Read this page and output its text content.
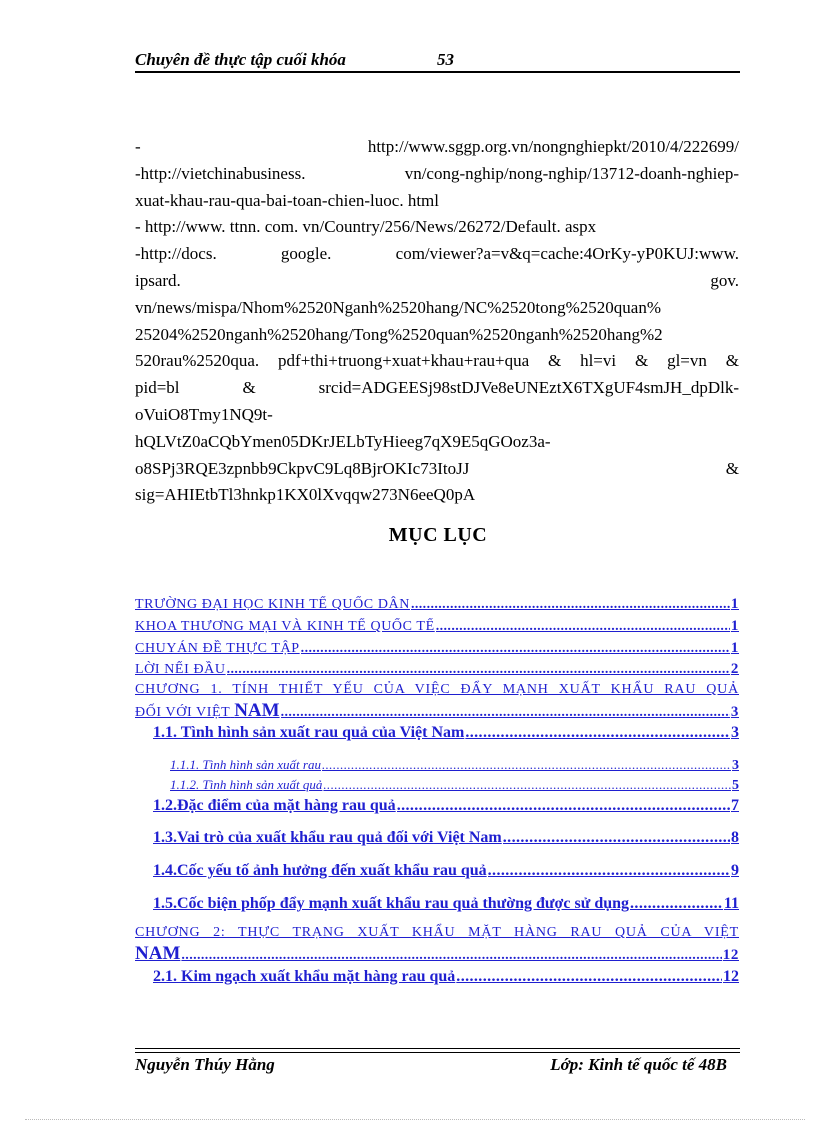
Chuyên đề thực tập cuối khóa	53
- http://www.sggp.org.vn/nongnghiepkt/2010/4/222699/
-http://vietchinabusiness. vn/cong-nghip/nong-nghip/13712-doanh-nghiep-
xuat-khau-rau-qua-bai-toan-chien-luoc. html
- http://www. ttnn. com. vn/Country/256/News/26272/Default. aspx
-http://docs. google. com/viewer?a=v&q=cache:4OrKy-yP0KUJ:www.
ipsard. gov.
vn/news/mispa/Nhom%2520Nganh%2520hang/NC%2520tong%2520quan%
25204%2520nganh%2520hang/Tong%2520quan%2520nganh%2520hang%2
520rau%2520qua. pdf+thi+truong+xuat+khau+rau+qua & hl=vi & gl=vn &
pid=bl & srcid=ADGEESj98stDJVe8eUNEztX6TXgUF4smJH_dpDlk-
oVuiO8Tmy1NQ9t-
hQLVtZ0aCQbYmen05DKrJELbTyHieeg7qX9E5qGOoz3a-
o8SPj3RQE3zpnbb9CkpvC9Lq8BjrOKIc73ItoJJ &
sig=AHIEtbTl3hnkp1KX0lXvqqw273N6eeQ0pA
MỤC LỤC
TRƯỜNG ĐẠI HỌC KINH TẾ QUỐC DÂN .....	1
KHOA THƯƠNG MẠI VÀ KINH TẾ QUỐC TẾ .....	1
CHUYÁN ĐỀ THỰC TẬP .....	1
LỜI NỂI ĐẦU .....	2
CHƯƠNG 1. TÍNH THIẾT YẾU CỦA VIỆC ĐẨY MẠNH XUẤT KHẨU RAU QUẢ
ĐỐI VỚI VIỆT NAM .....	3
1.1. Tình hình sản xuất rau quả của Việt Nam .....	3
1.1.1. Tình hình sản xuất rau .....	3
1.1.2. Tình hình sản xuất quả .....	5
1.2.Đặc điểm của mặt hàng rau quả .....	7
1.3.Vai trò của xuất khẩu rau quả đối với Việt Nam .....	8
1.4.Cốc yếu tố ảnh hưởng đến xuất khẩu rau quả .....	9
1.5.Cốc biện phốp đẩy mạnh xuất khẩu rau quả thường được sử dụng .....	11
CHƯƠNG 2: THỰC TRẠNG XUẤT KHẨU MẶT HÀNG RAU QUẢ CỦA VIỆT
NAM .....	12
2.1. Kim ngạch xuất khẩu mặt hàng rau quả .....	12
Nguyễn Thúy Hằng	Lớp: Kinh tế quốc tế 48B
